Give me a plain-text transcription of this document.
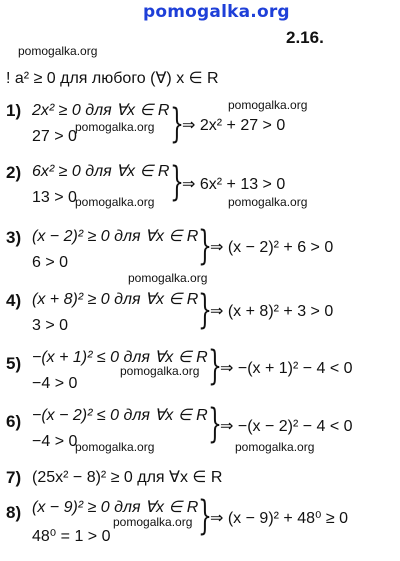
pomogalka.org
pomogalka.org
pomogalka.org
pomogalka.org
pomogalka.org	pomogalka.org
pomogalka.org
pomogalka.org
pomogalka.org	pomogalka.org
pomogalka.org
2.16.
! a² ≥ 0 для любого (∀) x ∈ R
1) 2x² ≥ 0 для ∀x ∈ R
27 > 0 }
⇒ 2x² + 27 > 0
2) 6x² ≥ 0 для ∀x ∈ R
13 > 0 }
⇒ 6x² + 13 > 0
3) (x − 2)² ≥ 0 для ∀x ∈ R
6 > 0	}
⇒ (x − 2)² + 6 > 0
4) (x + 8)² ≥ 0 для ∀x ∈ R
3 > 0	}
⇒ (x + 8)² + 3 > 0
5) −(x + 1)² ≤ 0 для ∀x ∈ R
−4 > 0	}
⇒ −(x + 1)² − 4 < 0
6) −(x − 2)² ≤ 0 для ∀x ∈ R
−4 > 0	}
⇒ −(x − 2)² − 4 < 0
7) (25x² − 8)² ≥ 0 для ∀x ∈ R
8) (x − 9)² ≥ 0 для ∀x ∈ R
48⁰ = 1 > 0 }
⇒ (x − 9)² + 48⁰ ≥ 0
